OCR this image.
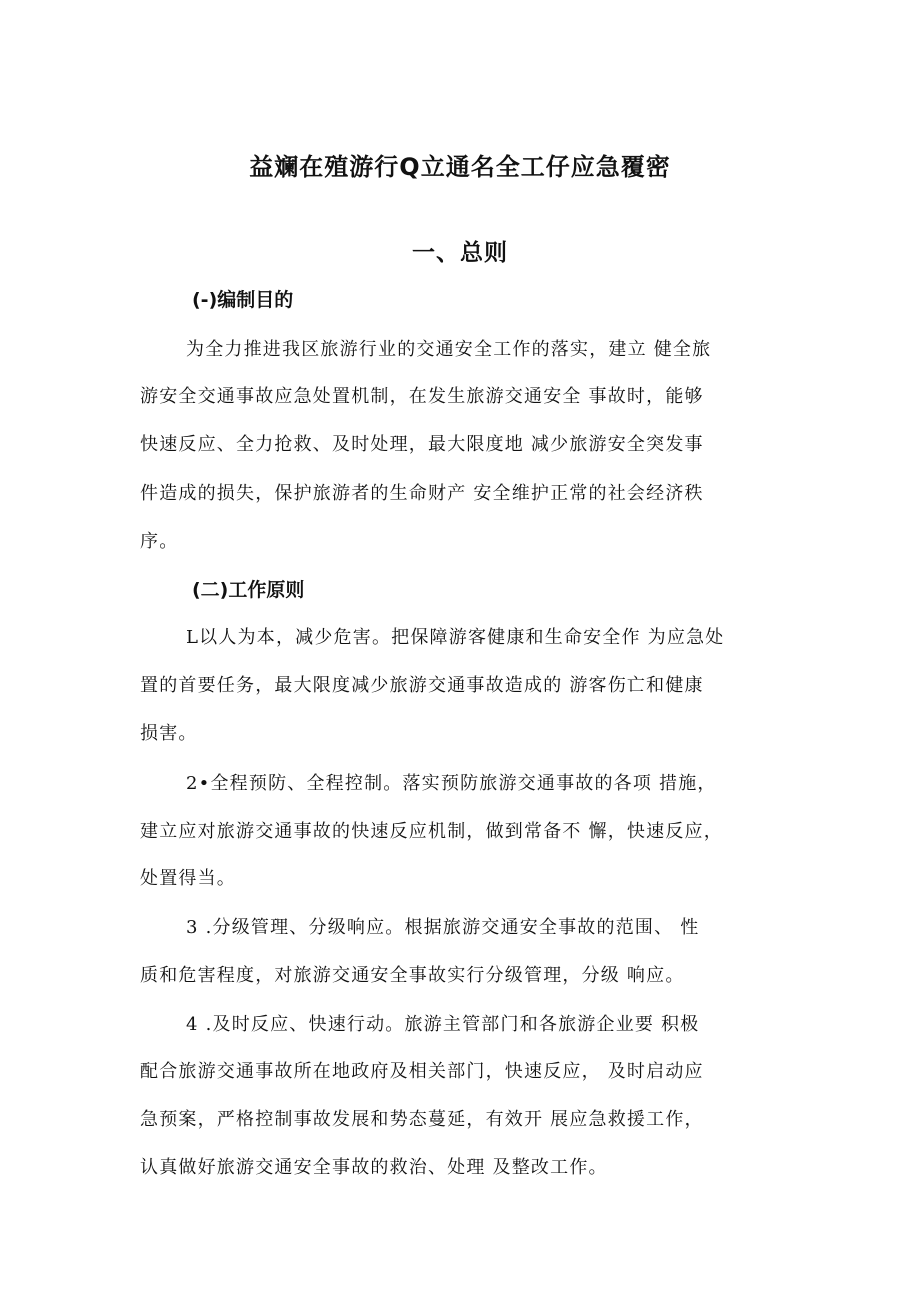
益斓在殖游行Q立通名全工仔应急覆密
一、总则
(-)编制目的
为全力推进我区旅游行业的交通安全工作的落实，建立 健全旅
游安全交通事故应急处置机制，在发生旅游交通安全 事故时，能够
快速反应、全力抢救、及时处理，最大限度地 减少旅游安全突发事
件造成的损失，保护旅游者的生命财产 安全维护正常的社会经济秩
序。
(二)工作原则
L以人为本，减少危害。把保障游客健康和生命安全作 为应急处
置的首要任务，最大限度减少旅游交通事故造成的 游客伤亡和健康
损害。
2•全程预防、全程控制。落实预防旅游交通事故的各项 措施，
建立应对旅游交通事故的快速反应机制，做到常备不 懈，快速反应，
处置得当。
3 .分级管理、分级响应。根据旅游交通安全事故的范围、 性
质和危害程度，对旅游交通安全事故实行分级管理，分级 响应。
4 .及时反应、快速行动。旅游主管部门和各旅游企业要 积极
配合旅游交通事故所在地政府及相关部门，快速反应， 及时启动应
急预案，严格控制事故发展和势态蔓延，有效开 展应急救援工作，
认真做好旅游交通安全事故的救治、处理 及整改工作。
